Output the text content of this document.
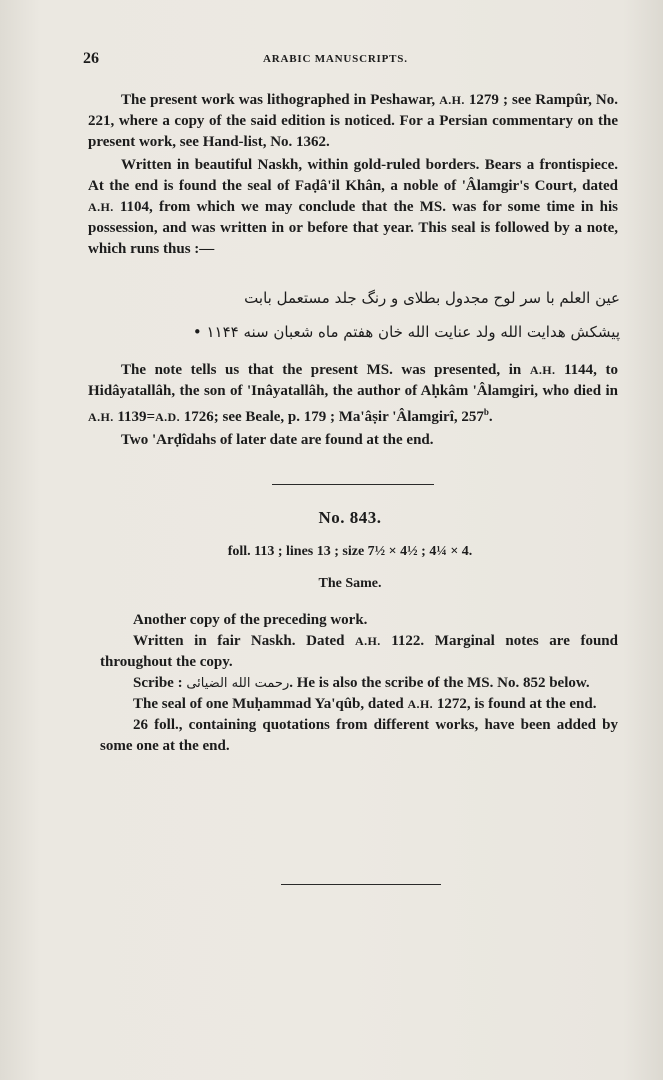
26	ARABIC MANUSCRIPTS.

The present work was lithographed in Peshawar, A.H. 1279 ; see Rampûr, No. 221, where a copy of the said edition is noticed. For a Persian commentary on the present work, see Hand-list, No. 1362.

Written in beautiful Naskh, within gold-ruled borders. Bears a frontispiece. At the end is found the seal of Faḍâ'il Khân, a noble of 'Âlamgir's Court, dated A.H. 1104, from which we may conclude that the MS. was for some time in his possession, and was written in or before that year. This seal is followed by a note, which runs thus :—

عین العلم با سر لوح مجدول بطلای و رنگ جلد مستعمل بابت
پیشکش هدایت الله ولد عنایت الله خان هفتم ماه شعبان سنه ۱۱۴۴ •

The note tells us that the present MS. was presented, in A.H. 1144, to Hidâyatallâh, the son of 'Inâyatallâh, the author of Aḥkâm 'Âlamgiri, who died in A.H. 1139=A.D. 1726; see Beale, p. 179 ; Ma'âṣir 'Âlamgirî, 257$^b$.

Two 'Arḍîdahs of later date are found at the end.

No. 843.
foll. 113 ; lines 13 ; size 7½ × 4½ ; 4¼ × 4.
The Same.

Another copy of the preceding work.

Written in fair Naskh. Dated A.H. 1122. Marginal notes are found throughout the copy.

Scribe : رحمت الله الضیائی. He is also the scribe of the MS. No. 852 below.

The seal of one Muḥammad Ya'qûb, dated A.H. 1272, is found at the end.

26 foll., containing quotations from different works, have been added by some one at the end.
